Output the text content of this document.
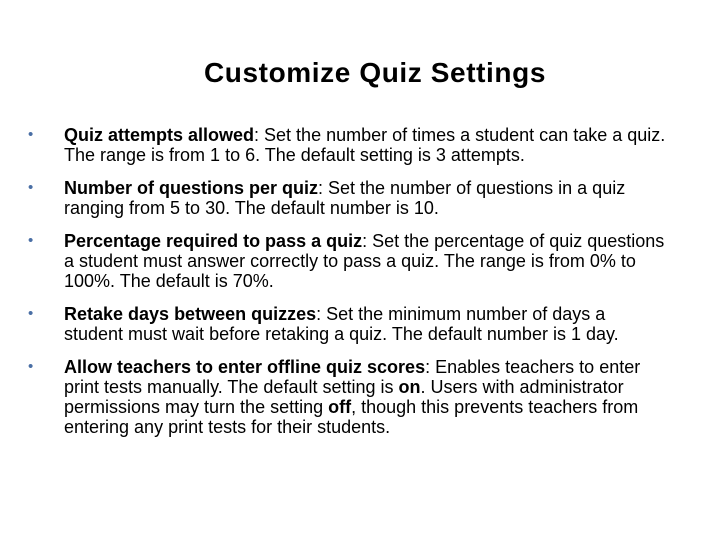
Customize Quiz Settings
• Quiz attempts allowed: Set the number of times a student can take a quiz. The range is from 1 to 6. The default setting is 3 attempts.
• Number of questions per quiz: Set the number of questions in a quiz ranging from 5 to 30. The default number is 10.
• Percentage required to pass a quiz: Set the percentage of quiz questions a student must answer correctly to pass a quiz. The range is from 0% to 100%. The default is 70%.
• Retake days between quizzes: Set the minimum number of days a student must wait before retaking a quiz. The default number is 1 day.
• Allow teachers to enter offline quiz scores: Enables teachers to enter print tests manually. The default setting is on. Users with administrator permissions may turn the setting off, though this prevents teachers from entering any print tests for their students.
